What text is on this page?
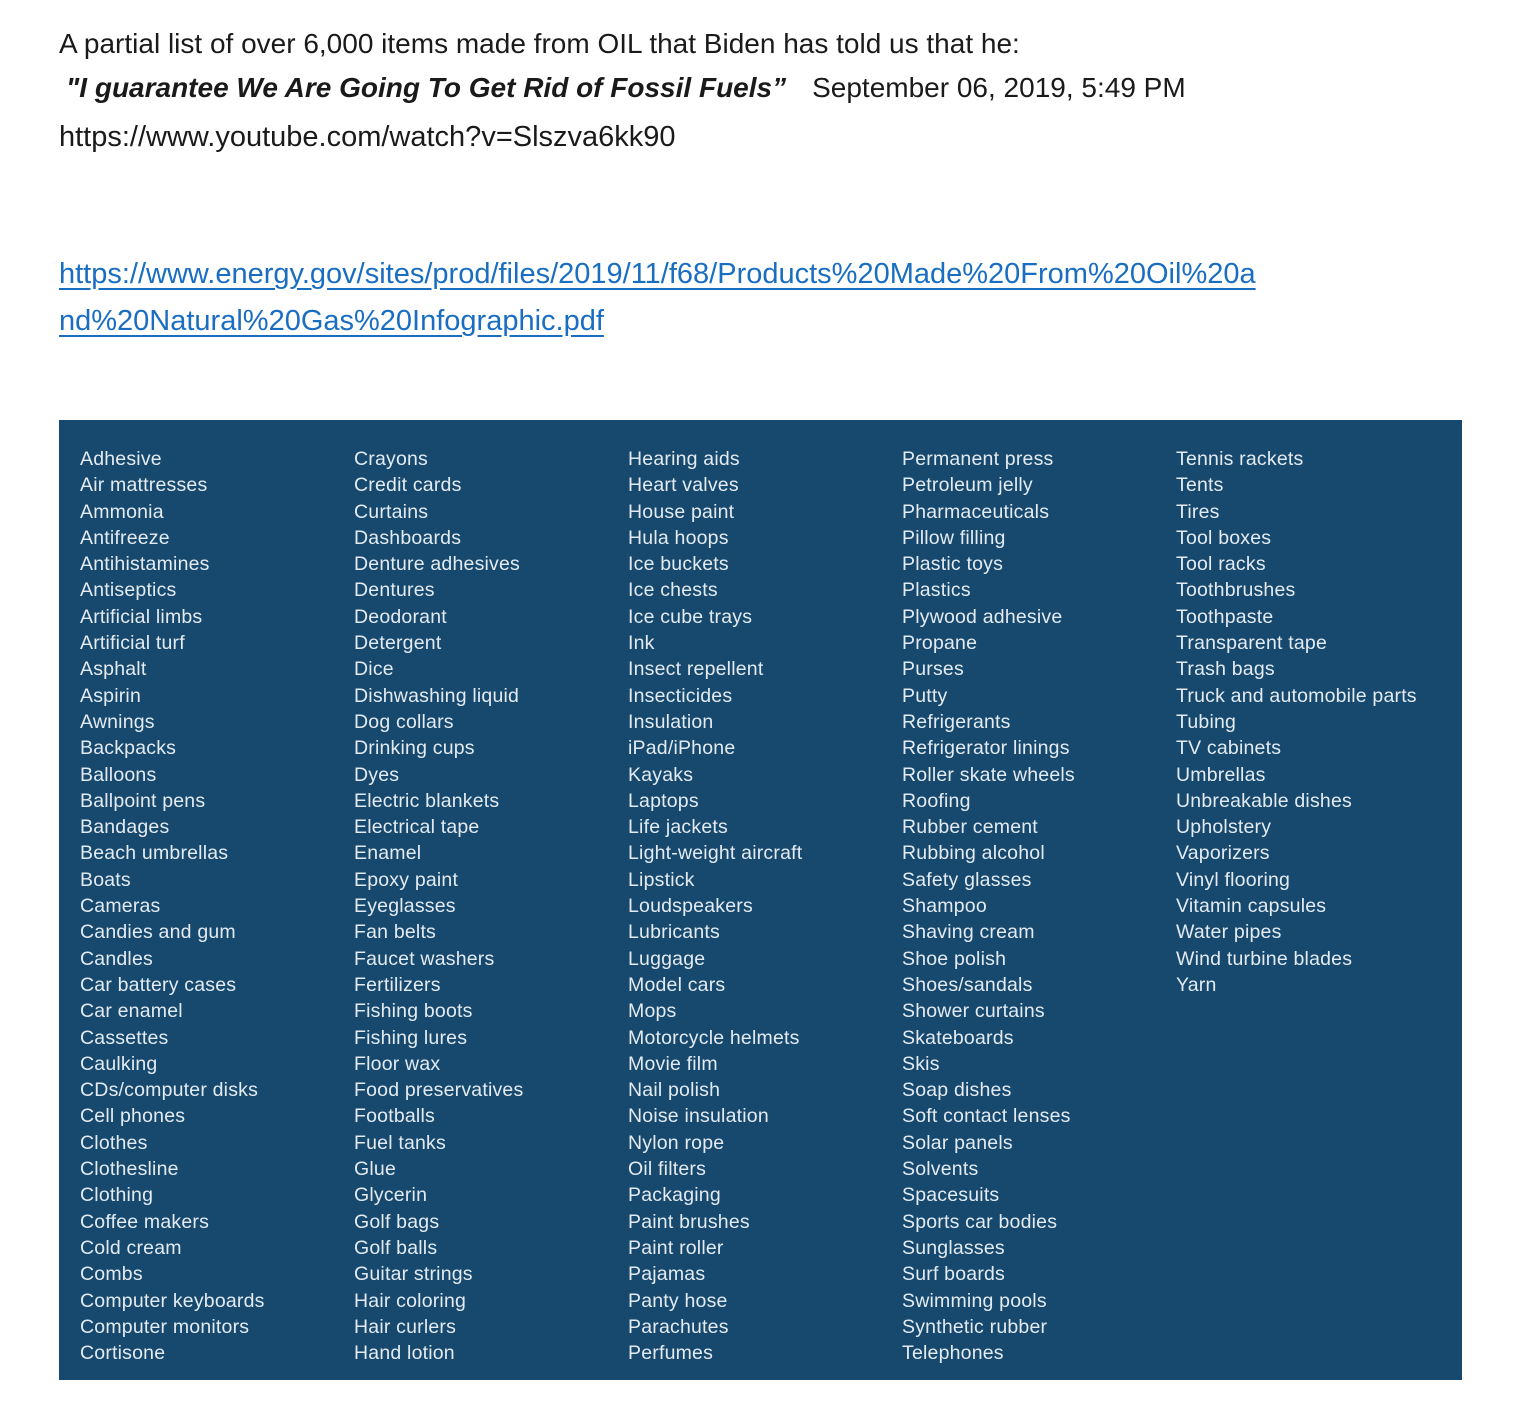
A partial list of over 6,000 items made from OIL that Biden has told us that he:

"I guarantee We Are Going To Get Rid of Fossil Fuels” September 06, 2019, 5:49 PM

https://www.youtube.com/watch?v=Slszva6kk90

https://www.energy.gov/sites/prod/files/2019/11/f68/Products%20Made%20From%20Oil%20a
nd%20Natural%20Gas%20Infographic.pdf
Adhesive
Air mattresses
Ammonia
Antifreeze
Antihistamines
Antiseptics
Artificial limbs
Artificial turf
Asphalt
Aspirin
Awnings
Backpacks
Balloons
Ballpoint pens
Bandages
Beach umbrellas
Boats
Cameras
Candies and gum
Candles
Car battery cases
Car enamel
Cassettes
Caulking
CDs/computer disks
Cell phones
Clothes
Clothesline
Clothing
Coffee makers
Cold cream
Combs
Computer keyboards
Computer monitors
Cortisone
Crayons
Credit cards
Curtains
Dashboards
Denture adhesives
Dentures
Deodorant
Detergent
Dice
Dishwashing liquid
Dog collars
Drinking cups
Dyes
Electric blankets
Electrical tape
Enamel
Epoxy paint
Eyeglasses
Fan belts
Faucet washers
Fertilizers
Fishing boots
Fishing lures
Floor wax
Food preservatives
Footballs
Fuel tanks
Glue
Glycerin
Golf bags
Golf balls
Guitar strings
Hair coloring
Hair curlers
Hand lotion
Hearing aids
Heart valves
House paint
Hula hoops
Ice buckets
Ice chests
Ice cube trays
Ink
Insect repellent
Insecticides
Insulation
iPad/iPhone
Kayaks
Laptops
Life jackets
Light-weight aircraft
Lipstick
Loudspeakers
Lubricants
Luggage
Model cars
Mops
Motorcycle helmets
Movie film
Nail polish
Noise insulation
Nylon rope
Oil filters
Packaging
Paint brushes
Paint roller
Pajamas
Panty hose
Parachutes
Perfumes
Permanent press
Petroleum jelly
Pharmaceuticals
Pillow filling
Plastic toys
Plastics
Plywood adhesive
Propane
Purses
Putty
Refrigerants
Refrigerator linings
Roller skate wheels
Roofing
Rubber cement
Rubbing alcohol
Safety glasses
Shampoo
Shaving cream
Shoe polish
Shoes/sandals
Shower curtains
Skateboards
Skis
Soap dishes
Soft contact lenses
Solar panels
Solvents
Spacesuits
Sports car bodies
Sunglasses
Surf boards
Swimming pools
Synthetic rubber
Telephones
Tennis rackets
Tents
Tires
Tool boxes
Tool racks
Toothbrushes
Toothpaste
Transparent tape
Trash bags
Truck and automobile parts
Tubing
TV cabinets
Umbrellas
Unbreakable dishes
Upholstery
Vaporizers
Vinyl flooring
Vitamin capsules
Water pipes
Wind turbine blades
Yarn
